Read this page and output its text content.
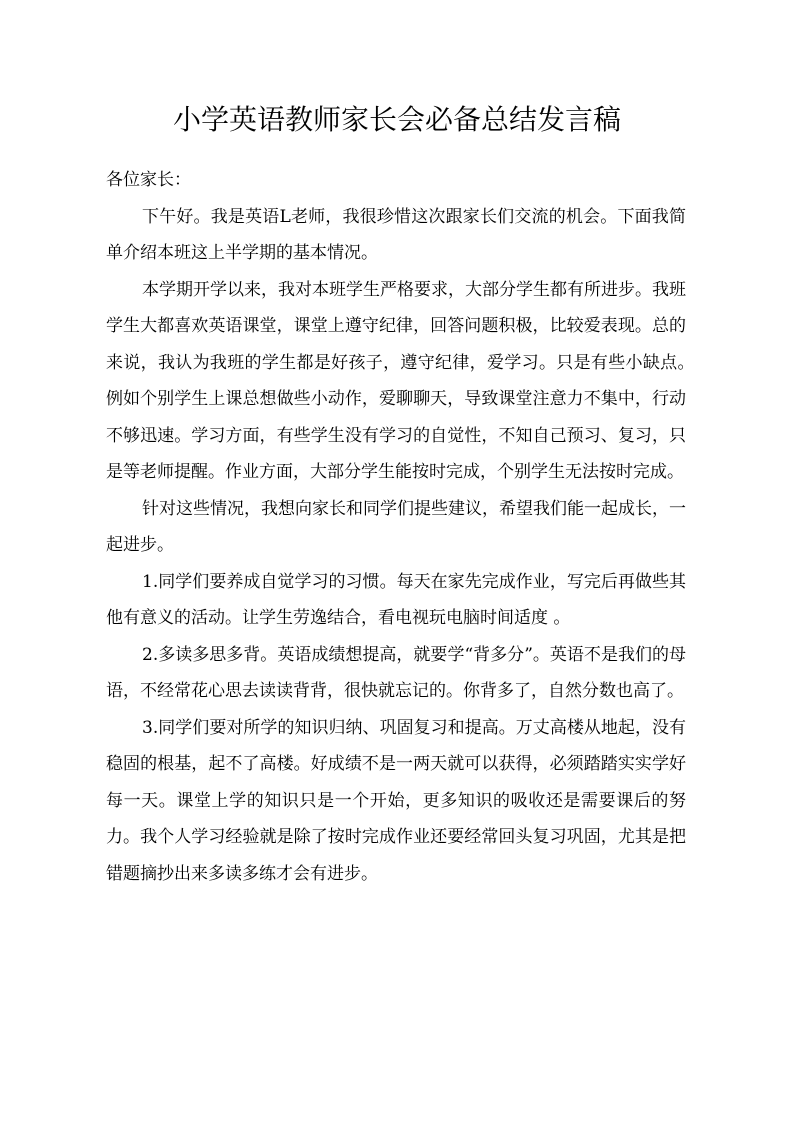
小学英语教师家长会必备总结发言稿

各位家长：

下午好。我是英语L老师，我很珍惜这次跟家长们交流的机会。下面我简单介绍本班这上半学期的基本情况。

本学期开学以来，我对本班学生严格要求，大部分学生都有所进步。我班学生大都喜欢英语课堂，课堂上遵守纪律，回答问题积极，比较爱表现。总的来说，我认为我班的学生都是好孩子，遵守纪律，爱学习。只是有些小缺点。　例如个别学生上课总想做些小动作，爱聊聊天，导致课堂注意力不集中，行动不够迅速。学习方面，有些学生没有学习的自觉性，不知自己预习、复习，只是等老师提醒。作业方面，大部分学生能按时完成，个别学生无法按时完成。

针对这些情况，我想向家长和同学们提些建议，希望我们能一起成长，一起进步。

1.同学们要养成自觉学习的习惯。每天在家先完成作业，写完后再做些其他有意义的活动。让学生劳逸结合，看电视玩电脑时间适度 。

2.多读多思多背。英语成绩想提高，就要学“背多分”。英语不是我们的母语，不经常花心思去读读背背，很快就忘记的。你背多了，自然分数也高了。

3.同学们要对所学的知识归纳、巩固复习和提高。万丈高楼从地起，没有稳固的根基，起不了高楼。好成绩不是一两天就可以获得，必须踏踏实实学好每一天。课堂上学的知识只是一个开始，更多知识的吸收还是需要课后的努力。我个人学习经验就是除了按时完成作业还要经常回头复习巩固，尤其是把错题摘抄出来多读多练才会有进步。
